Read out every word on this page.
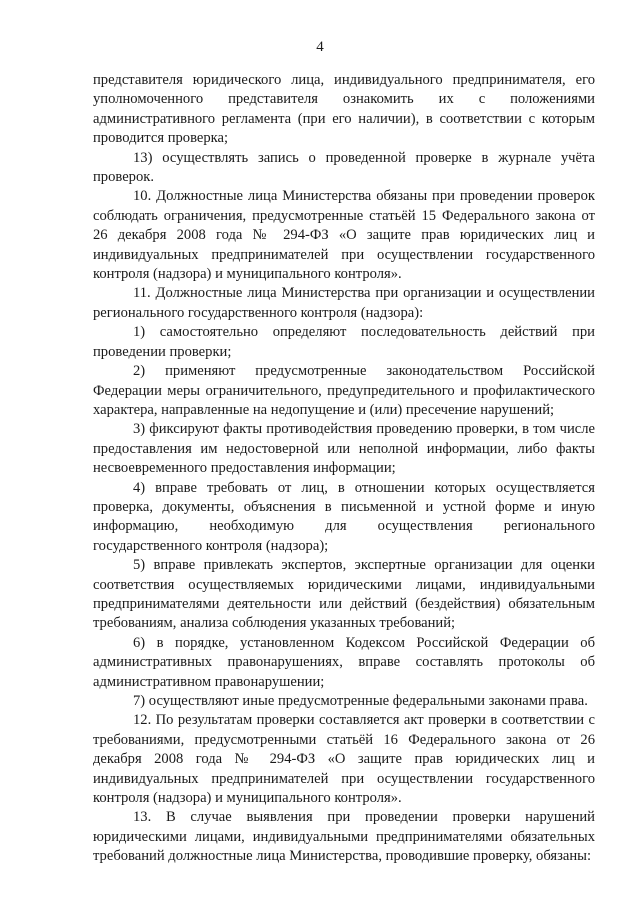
4

представителя юридического лица, индивидуального предпринимателя, его уполномоченного представителя ознакомить их с положениями административного регламента (при его наличии), в соответствии с которым проводится проверка;

13) осуществлять запись о проведенной проверке в журнале учёта проверок.

10. Должностные лица Министерства обязаны при проведении проверок соблюдать ограничения, предусмотренные статьёй 15 Федерального закона от 26 декабря 2008 года № 294-ФЗ «О защите прав юридических лиц и индивидуальных предпринимателей при осуществлении государственного контроля (надзора) и муниципального контроля».

11. Должностные лица Министерства при организации и осуществлении регионального государственного контроля (надзора):

1) самостоятельно определяют последовательность действий при проведении проверки;

2) применяют предусмотренные законодательством Российской Федерации меры ограничительного, предупредительного и профилактического характера, направленные на недопущение и (или) пресечение нарушений;

3) фиксируют факты противодействия проведению проверки, в том числе предоставления им недостоверной или неполной информации, либо факты несвоевременного предоставления информации;

4) вправе требовать от лиц, в отношении которых осуществляется проверка, документы, объяснения в письменной и устной форме и иную информацию, необходимую для осуществления регионального государственного контроля (надзора);

5) вправе привлекать экспертов, экспертные организации для оценки соответствия осуществляемых юридическими лицами, индивидуальными предпринимателями деятельности или действий (бездействия) обязательным требованиям, анализа соблюдения указанных требований;

6) в порядке, установленном Кодексом Российской Федерации об административных правонарушениях, вправе составлять протоколы об административном правонарушении;

7) осуществляют иные предусмотренные федеральными законами права.

12. По результатам проверки составляется акт проверки в соответствии с требованиями, предусмотренными статьёй 16 Федерального закона от 26 декабря 2008 года № 294-ФЗ «О защите прав юридических лиц и индивидуальных предпринимателей при осуществлении государственного контроля (надзора) и муниципального контроля».

13. В случае выявления при проведении проверки нарушений юридическими лицами, индивидуальными предпринимателями обязательных требований должностные лица Министерства, проводившие проверку, обязаны:
